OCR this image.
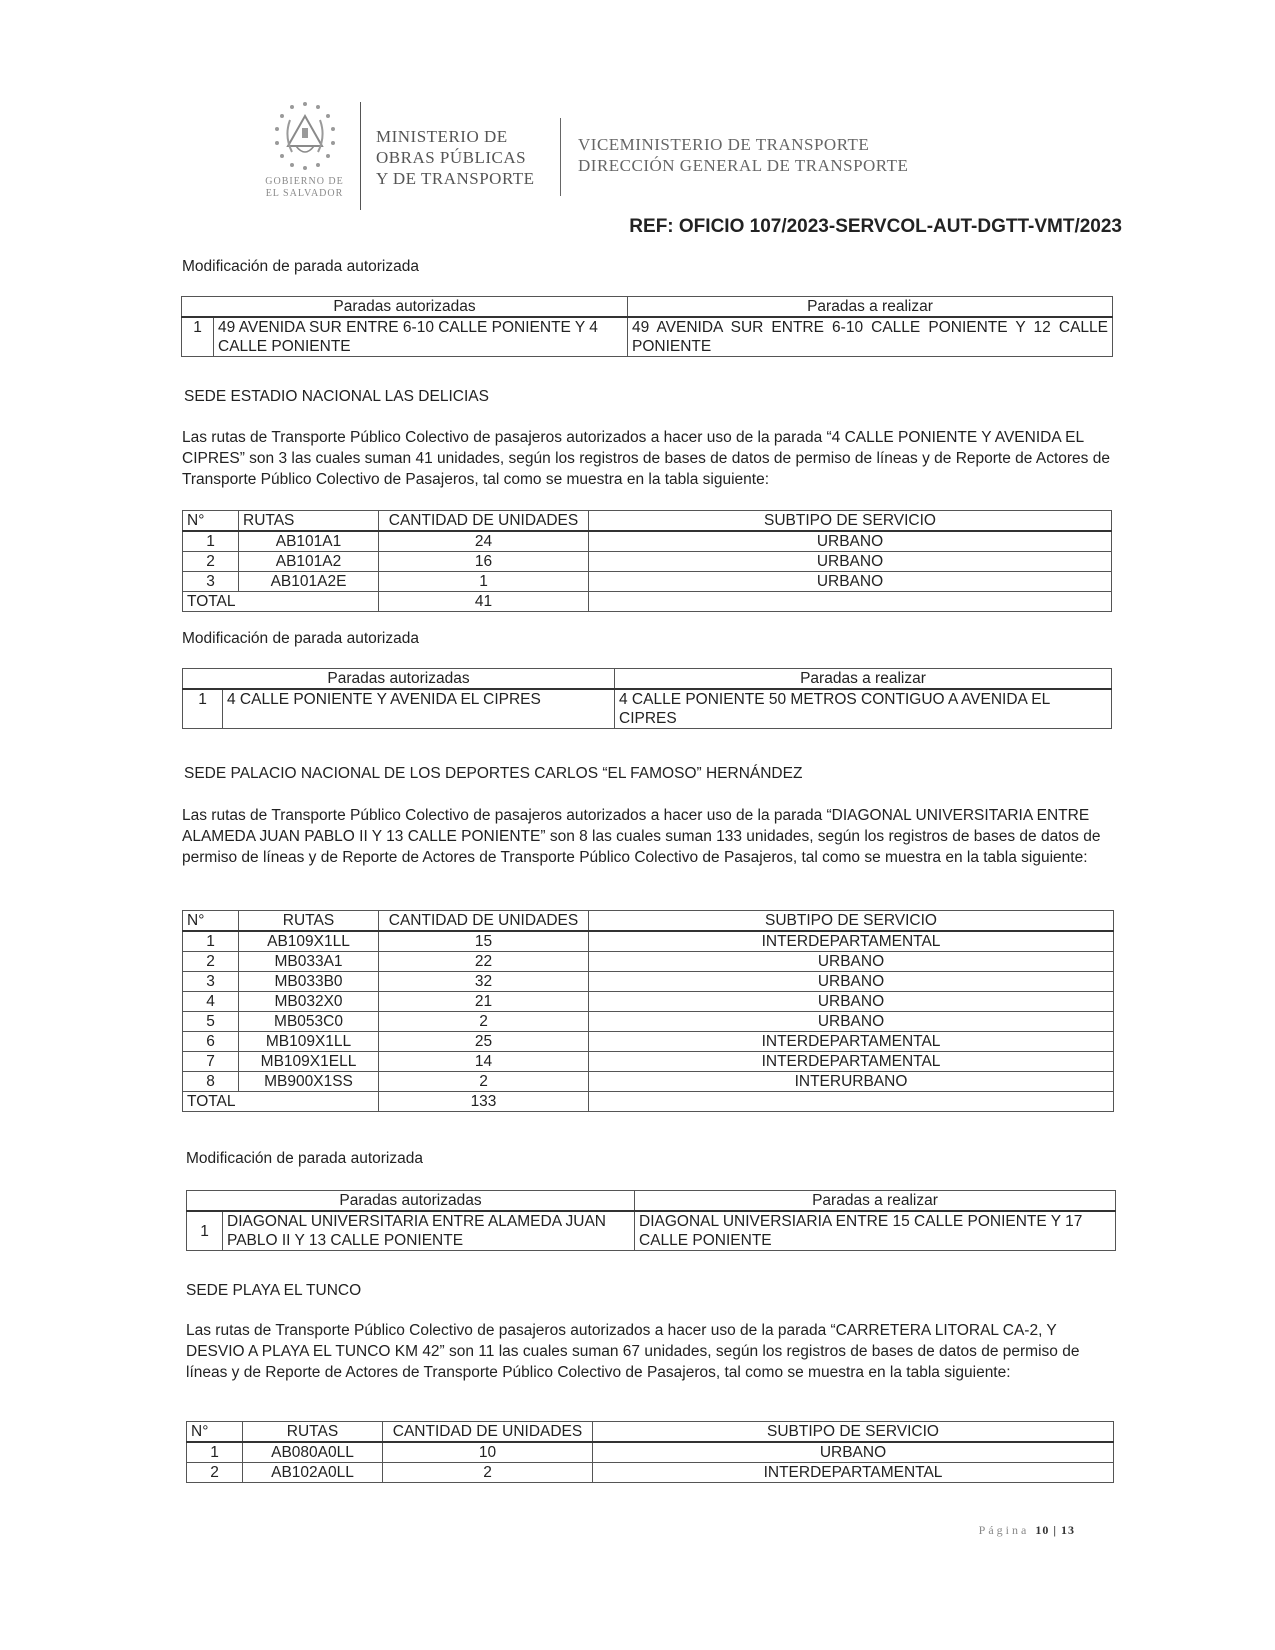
GOBIERNO DE
EL SALVADOR
MINISTERIO DE
OBRAS PÚBLICAS
Y DE TRANSPORTE
VICEMINISTERIO DE TRANSPORTE
DIRECCIÓN GENERAL DE TRANSPORTE
REF: OFICIO 107/2023-SERVCOL-AUT-DGTT-VMT/2023
Modificación de parada autorizada
Paradas autorizadas		Paradas a realizar
1	49 AVENIDA SUR ENTRE 6-10 CALLE PONIENTE Y 4 CALLE PONIENTE	49 AVENIDA SUR ENTRE 6-10 CALLE PONIENTE Y 12 CALLE PONIENTE
SEDE ESTADIO NACIONAL LAS DELICIAS
Las rutas de Transporte Público Colectivo de pasajeros autorizados a hacer uso de la parada “4 CALLE PONIENTE Y AVENIDA EL CIPRES” son 3 las cuales suman 41 unidades, según los registros de bases de datos de permiso de líneas y de Reporte de Actores de Transporte Público Colectivo de Pasajeros, tal como se muestra en la tabla siguiente:
N°	RUTAS	CANTIDAD DE UNIDADES	SUBTIPO DE SERVICIO
1	AB101A1	24	URBANO
2	AB101A2	16	URBANO
3	AB101A2E	1	URBANO
TOTAL		41	
Modificación de parada autorizada
Paradas autorizadas		Paradas a realizar
1	4 CALLE PONIENTE Y AVENIDA EL CIPRES	4 CALLE PONIENTE 50 METROS CONTIGUO A AVENIDA EL CIPRES
SEDE PALACIO NACIONAL DE LOS DEPORTES CARLOS “EL FAMOSO” HERNÁNDEZ
Las rutas de Transporte Público Colectivo de pasajeros autorizados a hacer uso de la parada “DIAGONAL UNIVERSITARIA ENTRE ALAMEDA JUAN PABLO II Y 13 CALLE PONIENTE” son 8 las cuales suman 133 unidades, según los registros de bases de datos de permiso de líneas y de Reporte de Actores de Transporte Público Colectivo de Pasajeros, tal como se muestra en la tabla siguiente:
N°	RUTAS	CANTIDAD DE UNIDADES	SUBTIPO DE SERVICIO
1	AB109X1LL	15	INTERDEPARTAMENTAL
2	MB033A1	22	URBANO
3	MB033B0	32	URBANO
4	MB032X0	21	URBANO
5	MB053C0	2	URBANO
6	MB109X1LL	25	INTERDEPARTAMENTAL
7	MB109X1ELL	14	INTERDEPARTAMENTAL
8	MB900X1SS	2	INTERURBANO
TOTAL		133	
Modificación de parada autorizada
Paradas autorizadas		Paradas a realizar
1	DIAGONAL UNIVERSITARIA ENTRE ALAMEDA JUAN PABLO II Y 13 CALLE PONIENTE	DIAGONAL UNIVERSIARIA ENTRE 15 CALLE PONIENTE Y 17 CALLE PONIENTE
SEDE PLAYA EL TUNCO
Las rutas de Transporte Público Colectivo de pasajeros autorizados a hacer uso de la parada “CARRETERA LITORAL CA-2, Y DESVIO A PLAYA EL TUNCO KM 42” son 11 las cuales suman 67 unidades, según los registros de bases de datos de permiso de líneas y de Reporte de Actores de Transporte Público Colectivo de Pasajeros, tal como se muestra en la tabla siguiente:
N°	RUTAS	CANTIDAD DE UNIDADES	SUBTIPO DE SERVICIO
1	AB080A0LL	10	URBANO
2	AB102A0LL	2	INTERDEPARTAMENTAL
Página 10 | 13
